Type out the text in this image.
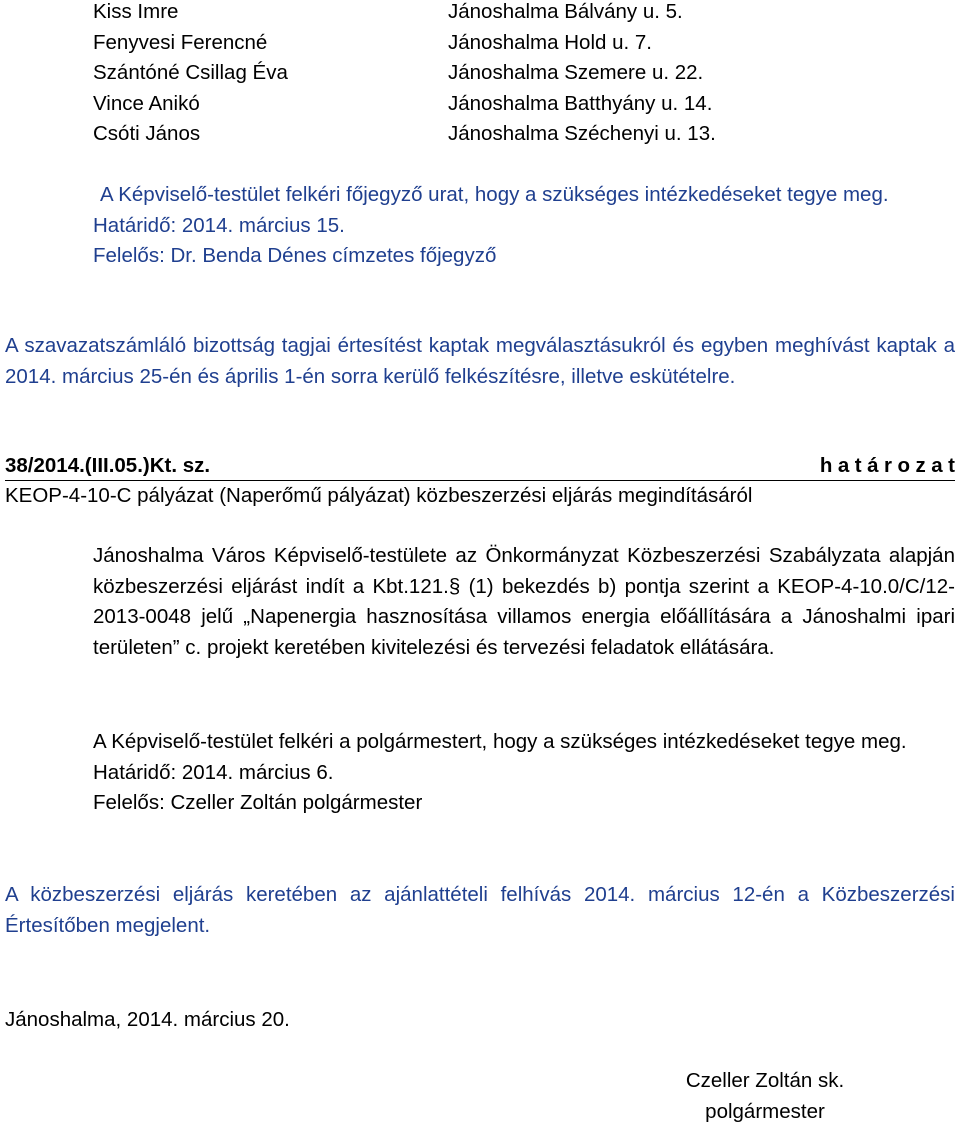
Kiss Imre	Jánoshalma Bálvány u. 5.
Fenyvesi Ferencné	Jánoshalma Hold u. 7.
Szántóné Csillag Éva	Jánoshalma Szemere u. 22.
Vince Anikó	Jánoshalma Batthyány u. 14.
Csóti János	Jánoshalma Széchenyi u. 13.
A Képviselő-testület felkéri főjegyző urat, hogy a szükséges intézkedéseket tegye meg.
Határidő: 2014. március 15.
Felelős: Dr. Benda Dénes címzetes főjegyző
A szavazatszámláló bizottság tagjai értesítést kaptak megválasztásukról és egyben meghívást kaptak a 2014. március 25-én és április 1-én sorra kerülő felkészítésre, illetve eskütételre.
38/2014.(III.05.)Kt. sz.	határozat
KEOP-4-10-C pályázat (Naperőmű pályázat) közbeszerzési eljárás megindításáról
Jánoshalma Város Képviselő-testülete az Önkormányzat Közbeszerzési Szabályzata alapján közbeszerzési eljárást indít a Kbt.121.§ (1) bekezdés b) pontja szerint a KEOP-4-10.0/C/12-2013-0048 jelű „Napenergia hasznosítása villamos energia előállítására a Jánoshalmi ipari területen” c. projekt keretében kivitelezési és tervezési feladatok ellátására.
A Képviselő-testület felkéri a polgármestert, hogy a szükséges intézkedéseket tegye meg.
Határidő: 2014. március 6.
Felelős: Czeller Zoltán polgármester
A közbeszerzési eljárás keretében az ajánlattételi felhívás 2014. március 12-én a Közbeszerzési Értesítőben megjelent.
Jánoshalma, 2014. március 20.
Czeller Zoltán sk.
polgármester
